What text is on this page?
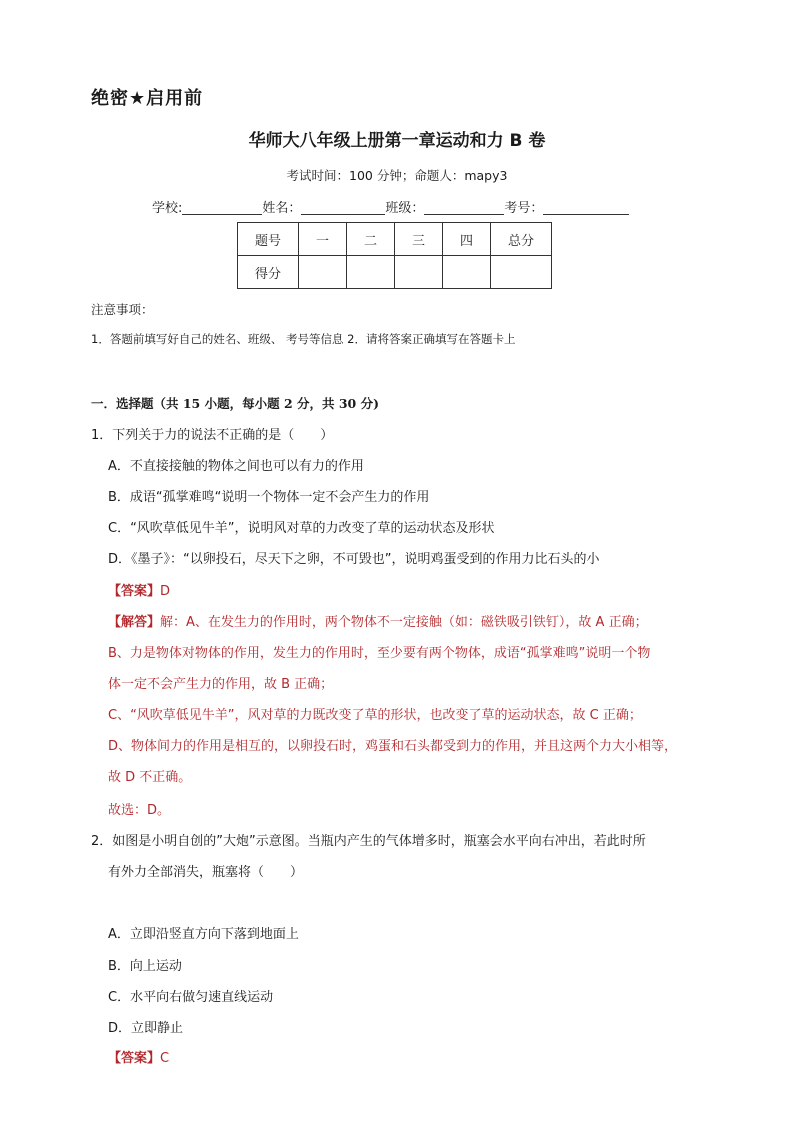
绝密★启用前
华师大八年级上册第一章运动和力 B 卷
考试时间：100 分钟；命题人：mapy3
学校:	姓名：	班级：	考号：
题号	一	二	三	四	总分
得分					
注意事项：
1．答题前填写好自己的姓名、班级、 考号等信息 2．请将答案正确填写在答题卡上
一．选择题（共 15 小题，每小题 2 分，共 30 分)
1．下列关于力的说法不正确的是（　　）
A．不直接接触的物体之间也可以有力的作用
B．成语“孤掌难鸣“说明一个物体一定不会产生力的作用
C．“风吹草低见牛羊”，说明风对草的力改变了草的运动状态及形状
D．《墨子》：“以卵投石，尽天下之卵，不可毁也”，说明鸡蛋受到的作用力比石头的小
【答案】D
【解答】解：A、在发生力的作用时，两个物体不一定接触（如：磁铁吸引铁钉），故 A 正确；
B、力是物体对物体的作用，发生力的作用时，至少要有两个物体，成语“孤掌难鸣”说明一个物
体一定不会产生力的作用，故 B 正确；
C、“风吹草低见牛羊”，风对草的力既改变了草的形状，也改变了草的运动状态，故 C 正确；
D、物体间力的作用是相互的，以卵投石时，鸡蛋和石头都受到力的作用，并且这两个力大小相等，
故 D 不正确。
故选：D。
2．如图是小明自创的”大炮”示意图。当瓶内产生的气体增多时，瓶塞会水平向右冲出，若此时所
有外力全部消失，瓶塞将（　　）
A．立即沿竖直方向下落到地面上
B．向上运动
C．水平向右做匀速直线运动
D．立即静止
【答案】C
